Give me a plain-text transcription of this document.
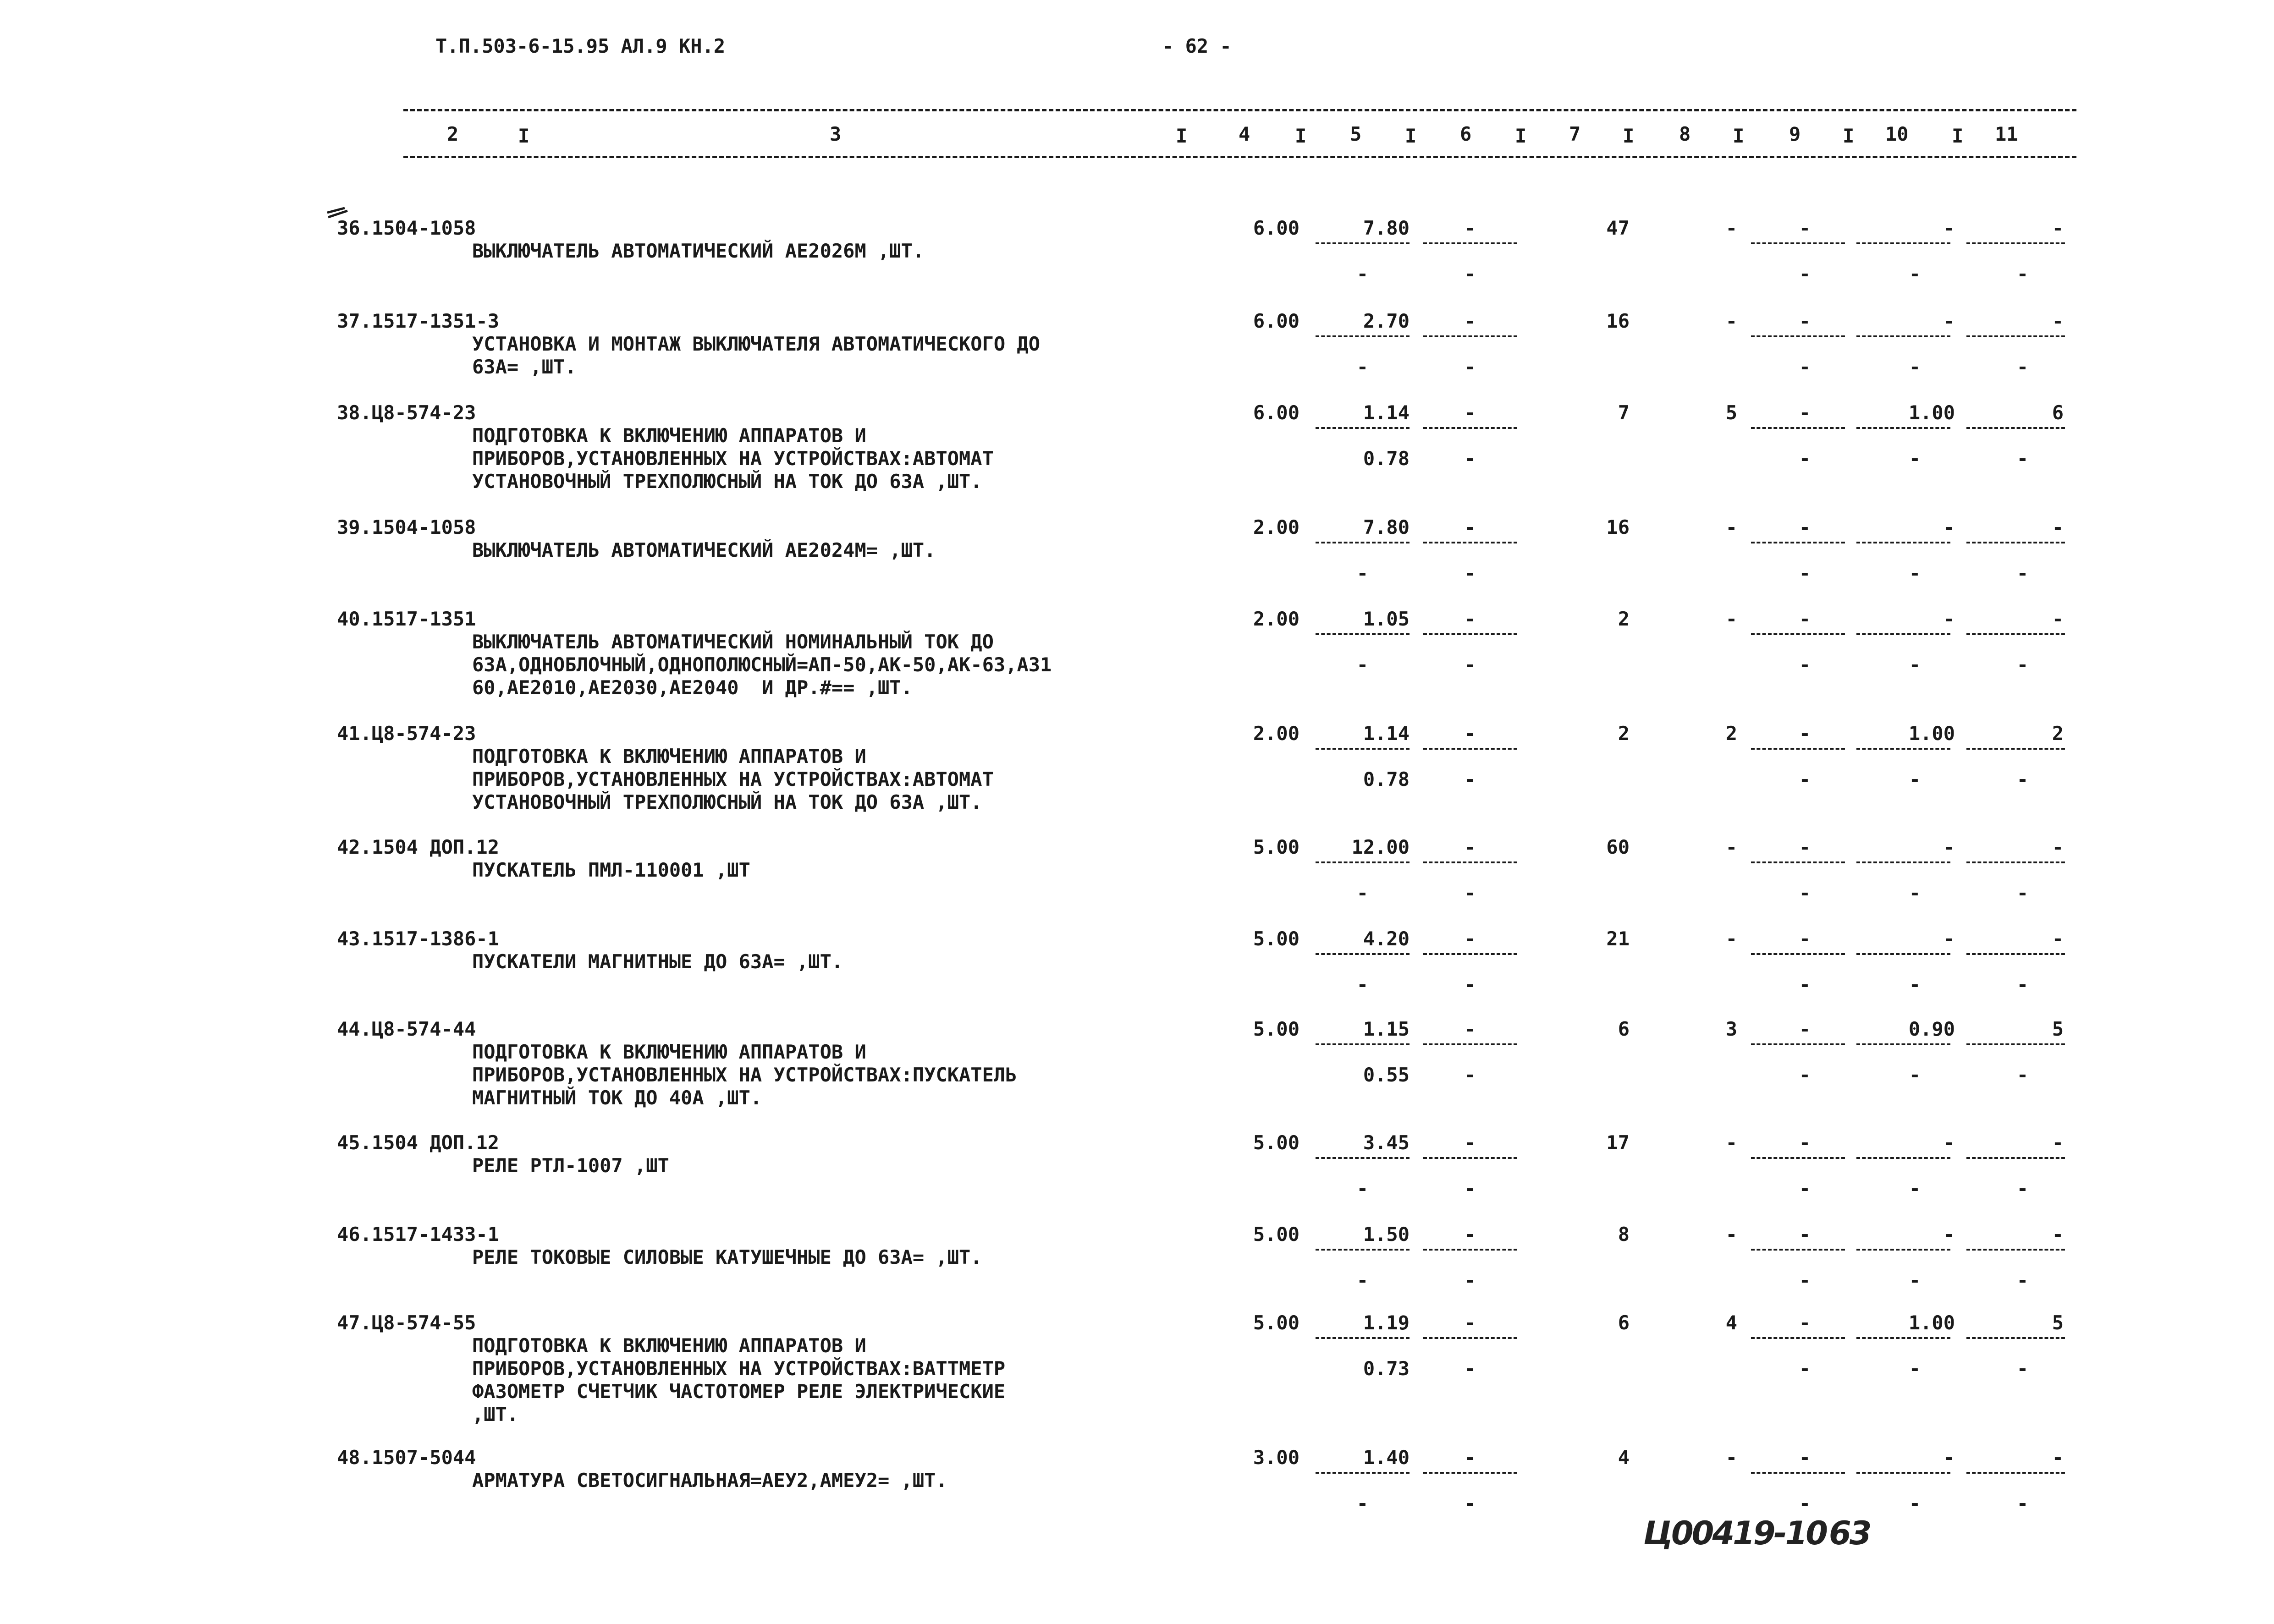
Т.П.503-6-15.95 АЛ.9 КН.2	- 62 -
2	3	4	5	6	7	8	9	10	11
I	I	I	I	I	I	I	I	I
36.1504-1058
ВЫКЛЮЧАТЕЛЬ АВТОМАТИЧЕСКИЙ АЕ2026М ,ШТ.
6.00	7.80	-	47	-	-	-	-
-	-	-	-	-
37.1517-1351-3
УСТАНОВКА И МОНТАЖ ВЫКЛЮЧАТЕЛЯ АВТОМАТИЧЕСКОГО ДО
63А= ,ШТ.
6.00	2.70	-	16	-	-	-	-
-	-	-	-	-
38.Ц8-574-23
ПОДГОТОВКА К ВКЛЮЧЕНИЮ АППАРАТОВ И
ПРИБОРОВ,УСТАНОВЛЕННЫХ НА УСТРОЙСТВАХ:АВТОМАТ
УСТАНОВОЧНЫЙ ТРЕХПОЛЮСНЫЙ НА ТОК ДО 63А ,ШТ.
6.00	1.14	-	7	5	-	1.00	6
0.78	-	-	-	-
39.1504-1058
ВЫКЛЮЧАТЕЛЬ АВТОМАТИЧЕСКИЙ АЕ2024М= ,ШТ.
2.00	7.80	-	16	-	-	-	-
-	-	-	-	-
40.1517-1351
ВЫКЛЮЧАТЕЛЬ АВТОМАТИЧЕСКИЙ НОМИНАЛЬНЫЙ ТОК ДО
63А,ОДНОБЛОЧНЫЙ,ОДНОПОЛЮСНЫЙ=АП-50,АК-50,АК-63,А31
60,АЕ2010,АЕ2030,АЕ2040  И ДР.#== ,ШТ.
2.00	1.05	-	2	-	-	-	-
-	-	-	-	-
41.Ц8-574-23
ПОДГОТОВКА К ВКЛЮЧЕНИЮ АППАРАТОВ И
ПРИБОРОВ,УСТАНОВЛЕННЫХ НА УСТРОЙСТВАХ:АВТОМАТ
УСТАНОВОЧНЫЙ ТРЕХПОЛЮСНЫЙ НА ТОК ДО 63А ,ШТ.
2.00	1.14	-	2	2	-	1.00	2
0.78	-	-	-	-
42.1504 ДОП.12
ПУСКАТЕЛЬ ПМЛ-110001 ,ШТ
5.00	12.00	-	60	-	-	-	-
-	-	-	-	-
43.1517-1386-1
ПУСКАТЕЛИ МАГНИТНЫЕ ДО 63А= ,ШТ.
5.00	4.20	-	21	-	-	-	-
-	-	-	-	-
44.Ц8-574-44
ПОДГОТОВКА К ВКЛЮЧЕНИЮ АППАРАТОВ И
ПРИБОРОВ,УСТАНОВЛЕННЫХ НА УСТРОЙСТВАХ:ПУСКАТЕЛЬ
МАГНИТНЫЙ ТОК ДО 40А ,ШТ.
5.00	1.15	-	6	3	-	0.90	5
0.55	-	-	-	-
45.1504 ДОП.12
РЕЛЕ РТЛ-1007 ,ШТ
5.00	3.45	-	17	-	-	-	-
-	-	-	-	-
46.1517-1433-1
РЕЛЕ ТОКОВЫЕ СИЛОВЫЕ КАТУШЕЧНЫЕ ДО 63А= ,ШТ.
5.00	1.50	-	8	-	-	-	-
-	-	-	-	-
47.Ц8-574-55
ПОДГОТОВКА К ВКЛЮЧЕНИЮ АППАРАТОВ И
ПРИБОРОВ,УСТАНОВЛЕННЫХ НА УСТРОЙСТВАХ:ВАТТМЕТР
ФАЗОМЕТР СЧЕТЧИК ЧАСТОТОМЕР РЕЛЕ ЭЛЕКТРИЧЕСКИЕ
,ШТ.
5.00	1.19	-	6	4	-	1.00	5
0.73	-	-	-	-
48.1507-5044
АРМАТУРА СВЕТОСИГНАЛЬНАЯ=АЕУ2,АМЕУ2= ,ШТ.
3.00	1.40	-	4	-	-	-	-
-	-	-	-	-
Ц00419-10 63
